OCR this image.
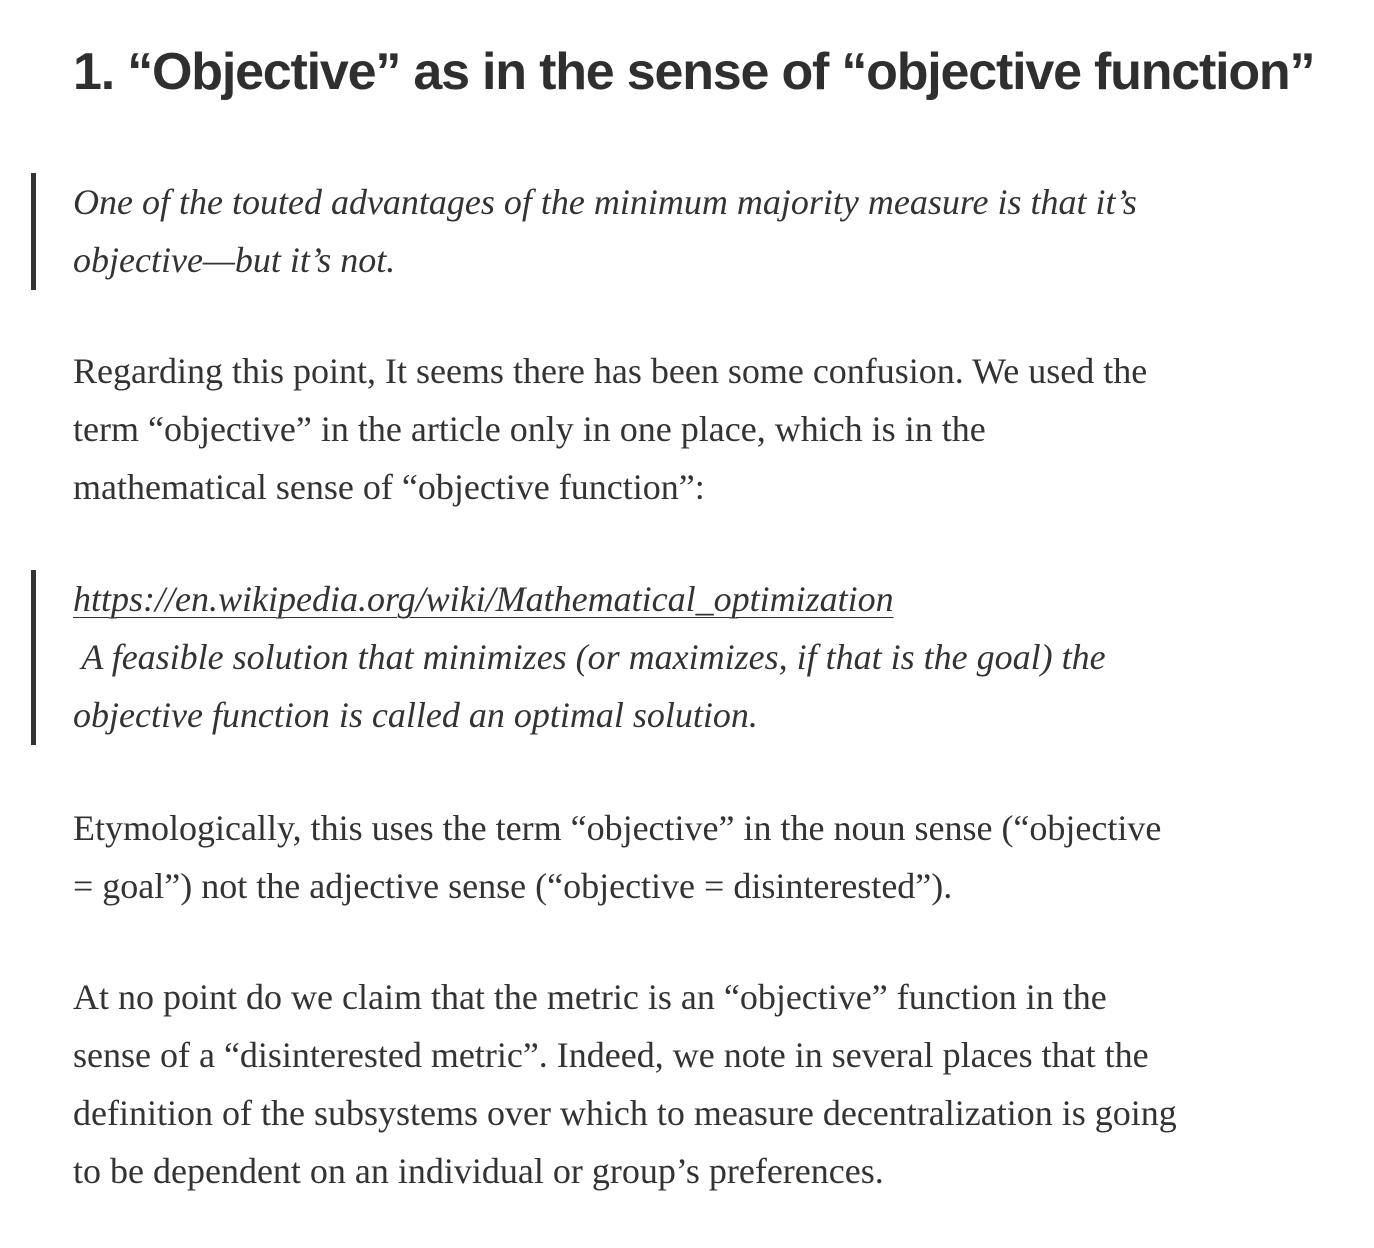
1. “Objective” as in the sense of “objective function”

One of the touted advantages of the minimum majority measure is that it’s

objective—but it’s not.

Regarding this point, It seems there has been some confusion. We used the
term “objective” in the article only in one place, which is in the
mathematical sense of “objective function”:

https://en.wikipedia.org/wiki/Mathematical_optimization

A feasible solution that minimizes (or maximizes, if that is the goal) the

objective function is called an optimal solution.

Etymologically, this uses the term “objective” in the noun sense (“objective
= goal”) not the adjective sense (“objective = disinterested”).

At no point do we claim that the metric is an “objective” function in the
sense of a “disinterested metric”. Indeed, we note in several places that the
definition of the subsystems over which to measure decentralization is going
to be dependent on an individual or group’s preferences.
